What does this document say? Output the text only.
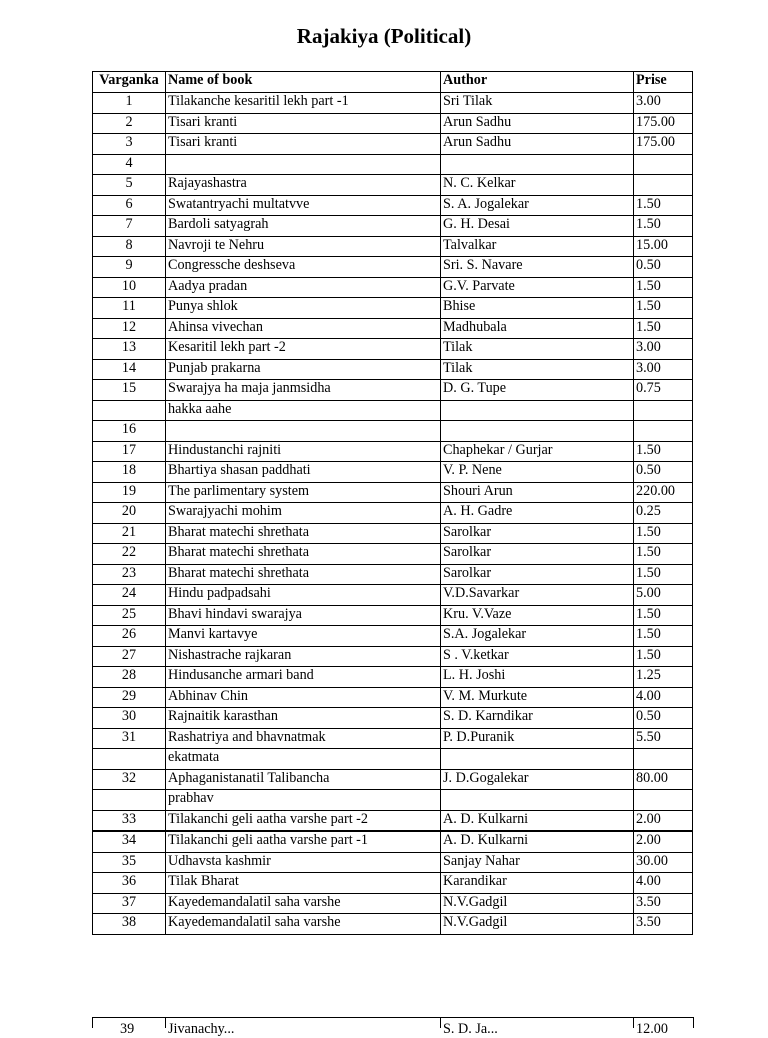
Rajakiya (Political)
Varganka	Name of book	Author	Prise
1	Tilakanche kesaritil lekh part -1	Sri Tilak	3.00
2	Tisari kranti	Arun Sadhu	175.00
3	Tisari kranti	Arun Sadhu	175.00
4			
5	Rajayashastra	N. C. Kelkar	
6	Swatantryachi multatvve	S. A. Jogalekar	1.50
7	Bardoli satyagrah	G. H. Desai	1.50
8	Navroji te Nehru	Talvalkar	15.00
9	Congressche deshseva	Sri. S. Navare	0.50
10	Aadya pradan	G.V. Parvate	1.50
11	Punya shlok	Bhise	1.50
12	Ahinsa vivechan	Madhubala	1.50
13	Kesaritil lekh part -2	Tilak	3.00
14	Punjab prakarna	Tilak	3.00
15	Swarajya ha maja janmsidha	D. G. Tupe	0.75
	hakka aahe		
16			
17	Hindustanchi rajniti	Chaphekar / Gurjar	1.50
18	Bhartiya shasan paddhati	V. P. Nene	0.50
19	The parlimentary system	Shouri Arun	220.00
20	Swarajyachi mohim	A. H. Gadre	0.25
21	Bharat matechi shrethata	Sarolkar	1.50
22	Bharat matechi shrethata	Sarolkar	1.50
23	Bharat matechi shrethata	Sarolkar	1.50
24	Hindu padpadsahi	V.D.Savarkar	5.00
25	Bhavi hindavi swarajya	Kru. V.Vaze	1.50
26	Manvi kartavye	S.A. Jogalekar	1.50
27	Nishastrache rajkaran	S . V.ketkar	1.50
28	Hindusanche armari band	L. H. Joshi	1.25
29	Abhinav Chin	V. M. Murkute	4.00
30	Rajnaitik karasthan	S. D. Karndikar	0.50
31	Rashatriya and bhavnatmak	P. D.Puranik	5.50
	ekatmata		
32	Aphaganistanatil Talibancha	J. D.Gogalekar	80.00
	prabhav		
33	Tilakanchi geli aatha varshe part -2	A. D. Kulkarni	2.00
34	Tilakanchi geli aatha varshe part -1	A. D. Kulkarni	2.00
35	Udhavsta kashmir	Sanjay Nahar	30.00
36	Tilak Bharat	Karandikar	4.00
37	Kayedemandalatil saha varshe	N.V.Gadgil	3.50
38	Kayedemandalatil saha varshe	N.V.Gadgil	3.50
39 Jivanachy...	S. D. Ja...	12.00
